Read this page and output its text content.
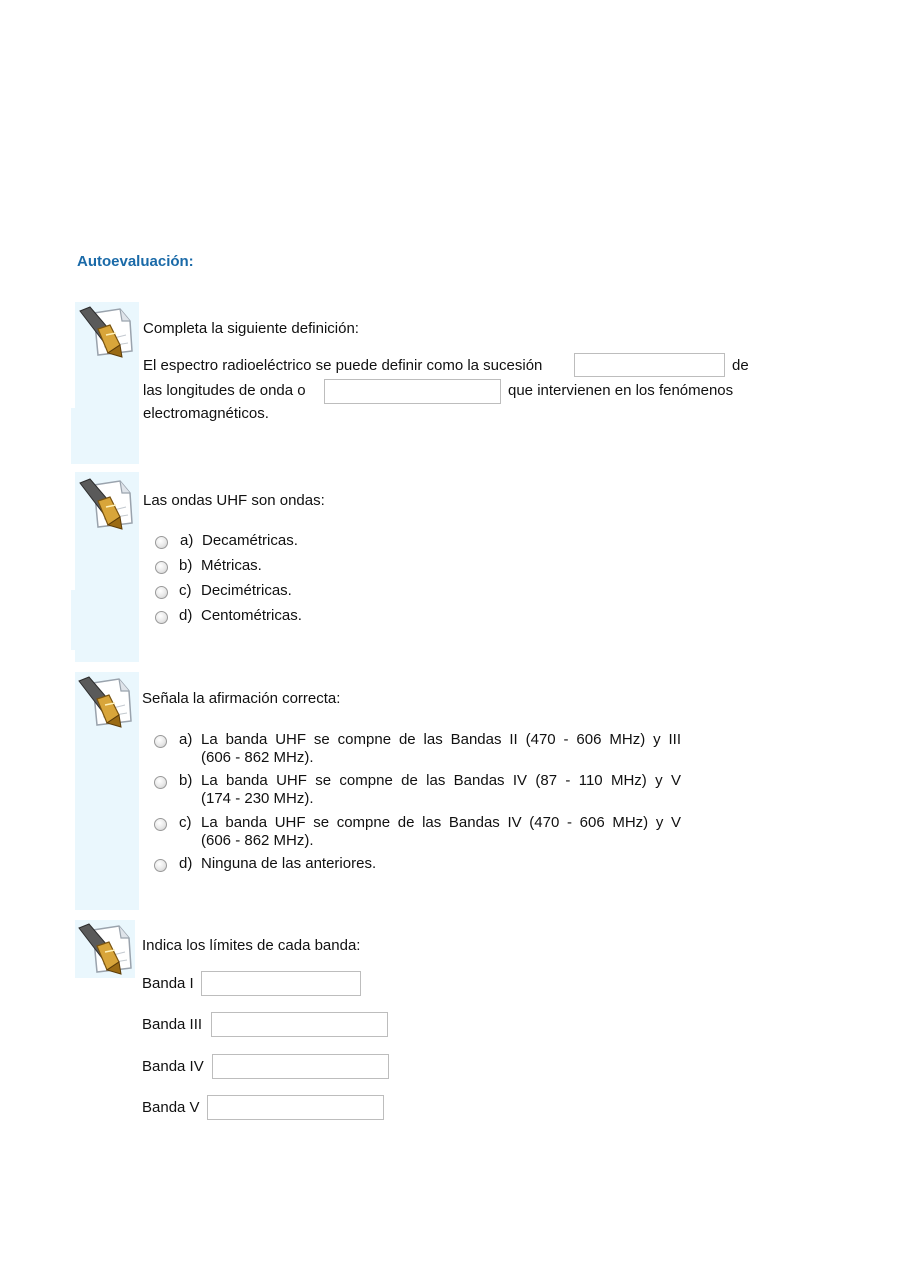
Autoevaluación:
Completa la siguiente definición:
El espectro radioeléctrico se puede definir como la sucesión	de
las longitudes de onda o	que intervienen en los fenómenos
electromagnéticos.
Las ondas UHF son ondas:
a) Decamétricas.
b) Métricas.
c) Decimétricas.
d) Centométricas.
Señala la afirmación correcta:
a) La banda UHF se compne de las Bandas II (470 - 606 MHz) y III
(606 - 862 MHz).
b) La banda UHF se compne de las Bandas IV (87 - 110 MHz) y V
(174 - 230 MHz).
c) La banda UHF se compne de las Bandas IV (470 - 606 MHz) y V
(606 - 862 MHz).
d) Ninguna de las anteriores.
Indica los límites de cada banda:
Banda I
Banda III
Banda IV
Banda V
